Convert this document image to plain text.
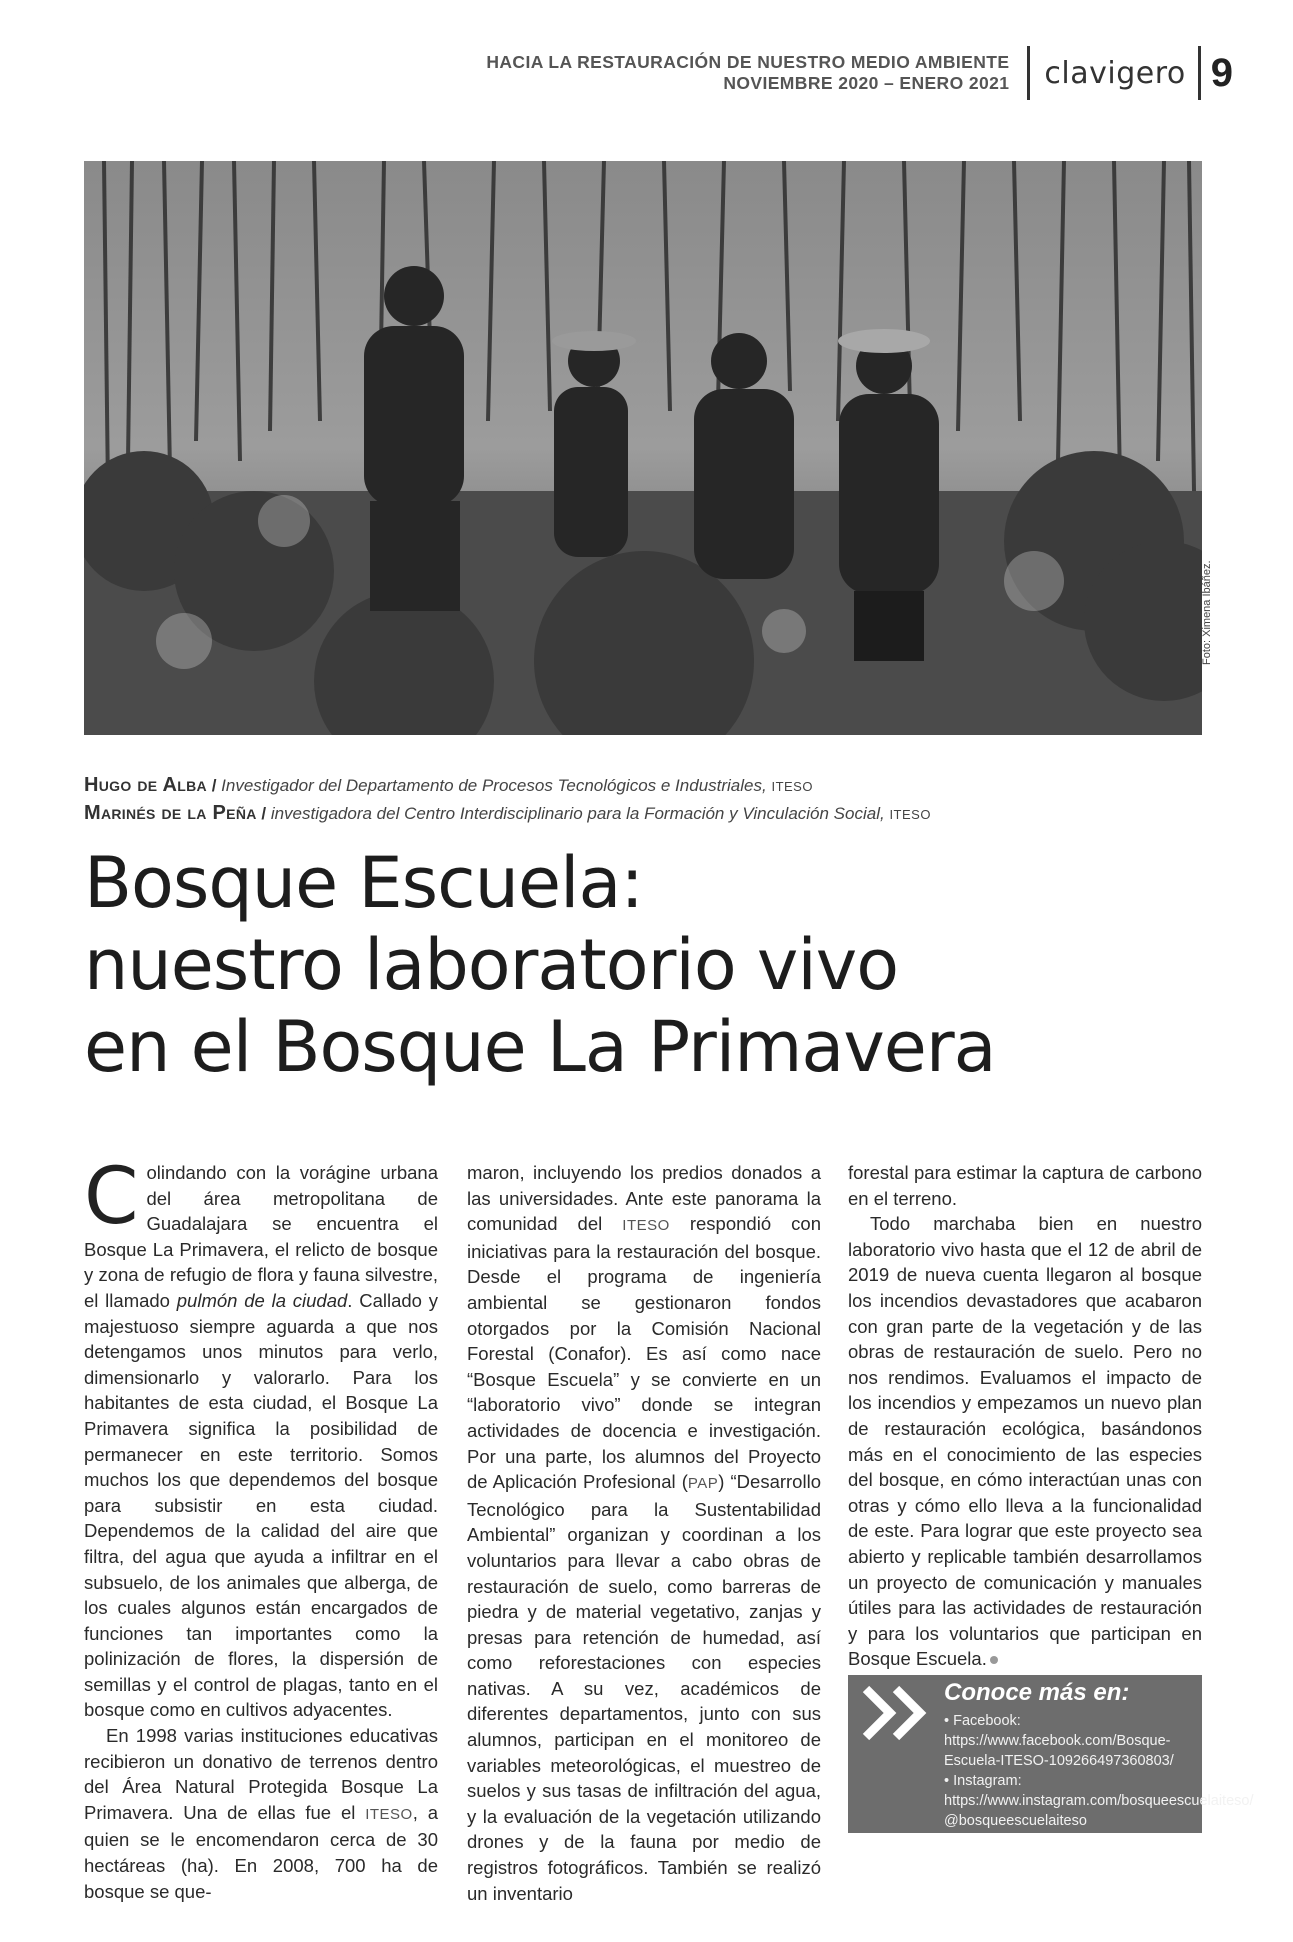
HACIA LA RESTAURACIÓN DE NUESTRO MEDIO AMBIENTE
NOVIEMBRE 2020 – ENERO 2021 clavigero 9
Foto: Ximena Ibáñez.
Hugo de Alba / Investigador del Departamento de Procesos Tecnológicos e Industriales, ITESO
Marinés de la Peña / investigadora del Centro Interdisciplinario para la Formación y Vinculación Social, ITESO
Bosque Escuela:
nuestro laboratorio vivo
en el Bosque La Primavera

Colindando con la vorágine urbana del área metropolitana de Guadalajara se encuentra el Bosque La Primavera, el relicto de bosque y zona de refugio de flora y fauna silvestre, el llamado pulmón de la ciudad. Callado y majestuoso siempre aguarda a que nos detengamos unos minutos para verlo, dimensionarlo y valorarlo. Para los habitantes de esta ciudad, el Bosque La Primavera significa la posibilidad de permanecer en este territorio. Somos muchos los que dependemos del bosque para subsistir en esta ciudad. Dependemos de la calidad del aire que filtra, del agua que ayuda a infiltrar en el subsuelo, de los animales que alberga, de los cuales algunos están encargados de funciones tan importantes como la polinización de flores, la dispersión de semillas y el control de plagas, tanto en el bosque como en cultivos adyacentes.

En 1998 varias instituciones educativas recibieron un donativo de terrenos dentro del Área Natural Protegida Bosque La Primavera. Una de ellas fue el ITESO, a quien se le encomendaron cerca de 30 hectáreas (ha). En 2008, 700 ha de bosque se que-

maron, incluyendo los predios donados a las universidades. Ante este panorama la comunidad del ITESO respondió con iniciativas para la restauración del bosque. Desde el programa de ingeniería ambiental se gestionaron fondos otorgados por la Comisión Nacional Forestal (Conafor). Es así como nace “Bosque Escuela” y se convierte en un “laboratorio vivo” donde se integran actividades de docencia e investigación. Por una parte, los alumnos del Proyecto de Aplicación Profesional (PAP) “Desarrollo Tecnológico para la Sustentabilidad Ambiental” organizan y coordinan a los voluntarios para llevar a cabo obras de restauración de suelo, como barreras de piedra y de material vegetativo, zanjas y presas para retención de humedad, así como reforestaciones con especies nativas. A su vez, académicos de diferentes departamentos, junto con sus alumnos, participan en el monitoreo de variables meteorológicas, el muestreo de suelos y sus tasas de infiltración del agua, y la evaluación de la vegetación utilizando drones y de la fauna por medio de registros fotográficos. También se realizó un inventario

forestal para estimar la captura de carbono en el terreno.

Todo marchaba bien en nuestro laboratorio vivo hasta que el 12 de abril de 2019 de nueva cuenta llegaron al bosque los incendios devastadores que acabaron con gran parte de la vegetación y de las obras de restauración de suelo. Pero no nos rendimos. Evaluamos el impacto de los incendios y empezamos un nuevo plan de restauración ecológica, basándonos más en el conocimiento de las especies del bosque, en cómo interactúan unas con otras y cómo ello lleva a la funcionalidad de este. Para lograr que este proyecto sea abierto y replicable también desarrollamos un proyecto de comunicación y manuales útiles para las actividades de restauración y para los voluntarios que participan en Bosque Escuela.

Conoce más en:
• Facebook: https://www.facebook.com/Bosque-Escuela-ITESO-109266497360803/
• Instagram: https://www.instagram.com/bosqueescuelaiteso/
@bosqueescuelaiteso
